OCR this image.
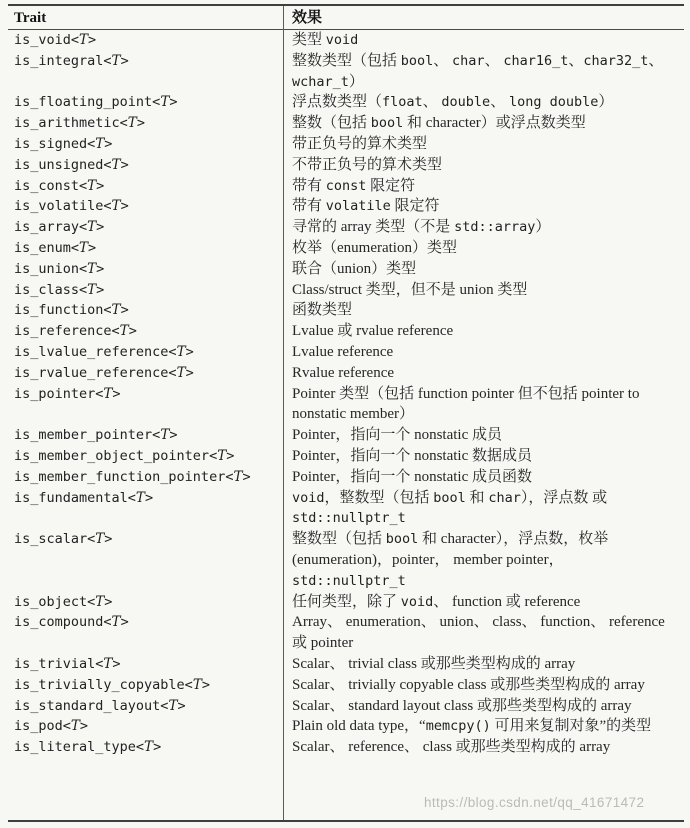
Trait	效果
is_void<T>	类型 void
is_integral<T>	整数类型（包括 bool、 char、 char16_t、char32_t、 wchar_t）
is_floating_point<T>	浮点数类型（float、 double、 long double）
is_arithmetic<T>	整数（包括 bool 和 character）或浮点数类型
is_signed<T>	带正负号的算术类型
is_unsigned<T>	不带正负号的算术类型
is_const<T>	带有 const 限定符
is_volatile<T>	带有 volatile 限定符
is_array<T>	寻常的 array 类型（不是 std::array）
is_enum<T>	枚举（enumeration）类型
is_union<T>	联合（union）类型
is_class<T>	Class/struct 类型，但不是 union 类型
is_function<T>	函数类型
is_reference<T>	Lvalue 或 rvalue reference
is_lvalue_reference<T>	Lvalue reference
is_rvalue_reference<T>	Rvalue reference
is_pointer<T>	Pointer 类型（包括 function pointer 但不包括 pointer to nonstatic member）
is_member_pointer<T>	Pointer，指向一个 nonstatic 成员
is_member_object_pointer<T>	Pointer，指向一个 nonstatic 数据成员
is_member_function_pointer<T>	Pointer，指向一个 nonstatic 成员函数
is_fundamental<T>	void，整数型（包括 bool 和 char），浮点数 或std::nullptr_t
is_scalar<T>	整数型（包括 bool 和 character），浮点数，枚举 (enumeration)，pointer， member pointer，std::nullptr_t
is_object<T>	任何类型，除了 void、 function 或 reference
is_compound<T>	Array、 enumeration、 union、 class、 function、 reference 或 pointer
is_trivial<T>	Scalar、 trivial class 或那些类型构成的 array
is_trivially_copyable<T>	Scalar、 trivially copyable class 或那些类型构成的 array
is_standard_layout<T>	Scalar、 standard layout class 或那些类型构成的 array
is_pod<T>	Plain old data type，“memcpy() 可用来复制对象”的类型
is_literal_type<T>	Scalar、 reference、 class 或那些类型构成的 array
https://blog.csdn.net/qq_41671472
